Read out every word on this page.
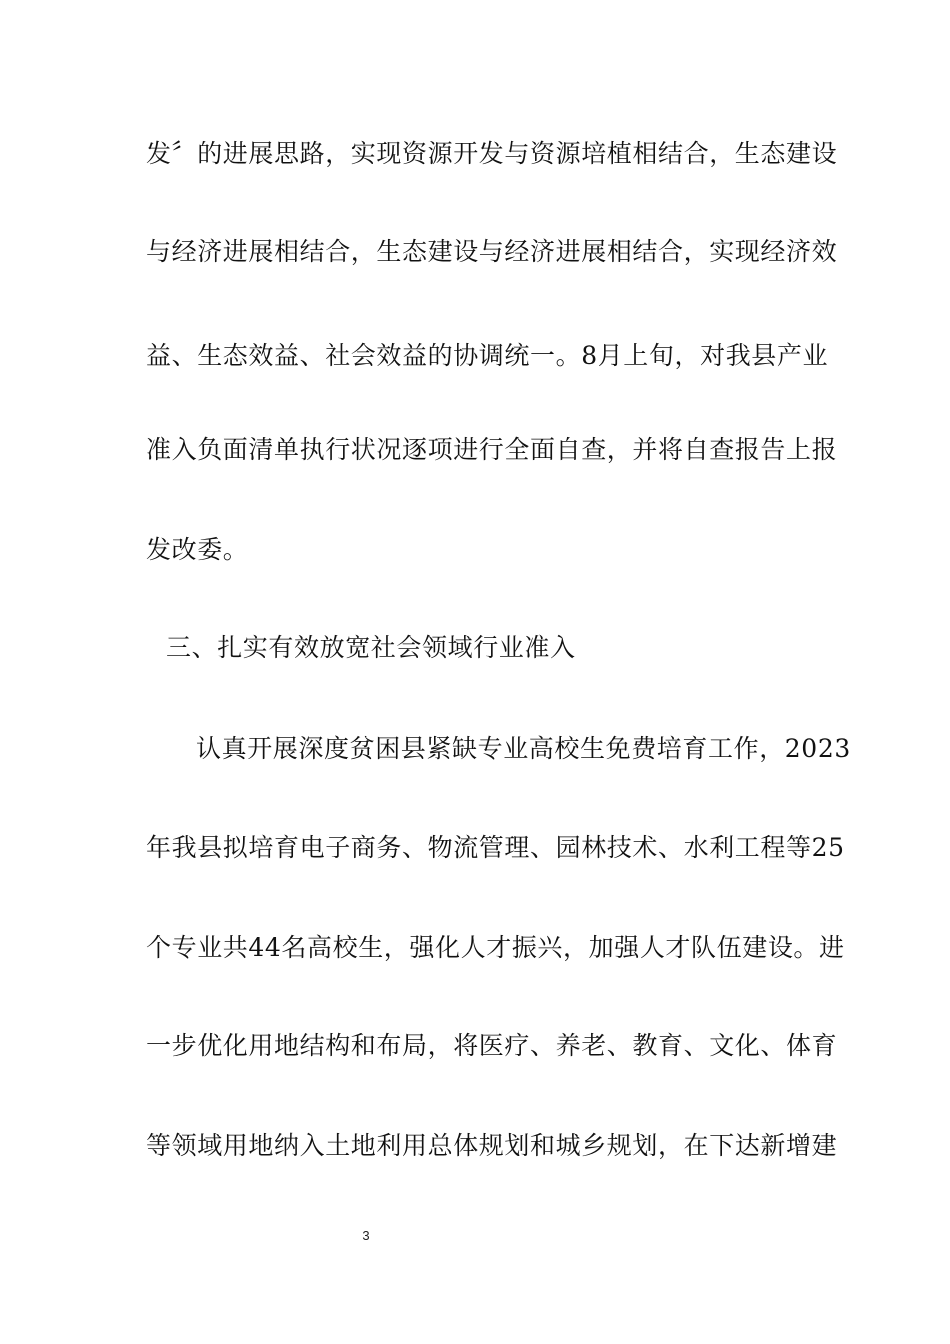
发〞的进展思路，实现资源开发与资源培植相结合，生态建设
与经济进展相结合，生态建设与经济进展相结合，实现经济效
益、生态效益、社会效益的协调统一。8月上旬，对我县产业
准入负面清单执行状况逐项进行全面自查，并将自查报告上报
发改委。
三、扎实有效放宽社会领域行业准入
认真开展深度贫困县紧缺专业高校生免费培育工作，2023
年我县拟培育电子商务、物流管理、园林技术、水利工程等25
个专业共44名高校生，强化人才振兴，加强人才队伍建设。进
一步优化用地结构和布局，将医疗、养老、教育、文化、体育
等领域用地纳入土地利用总体规划和城乡规划，在下达新增建
3
